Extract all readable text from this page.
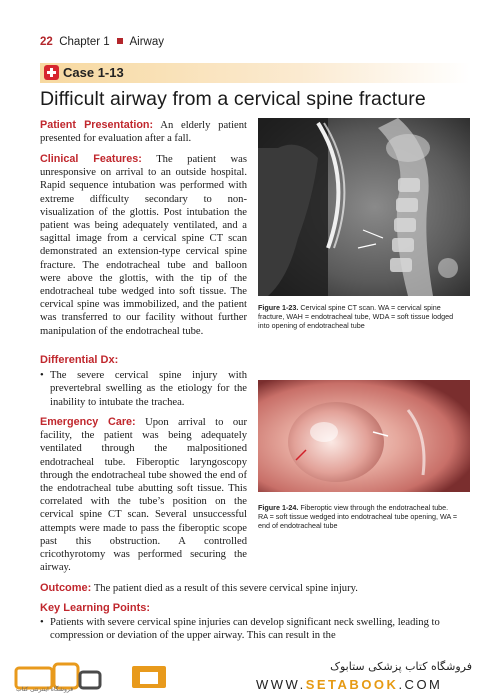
22 Chapter 1 Airway
Case 1-13
Difficult airway from a cervical spine fracture
Patient Presentation: An elderly patient presented for evaluation after a fall.
Clinical Features: The patient was unresponsive on arrival to an outside hospital. Rapid sequence intubation was performed with extreme difficulty secondary to non-visualization of the glottis. Post intubation the patient was being adequately ventilated, and a sagittal image from a cervical spine CT scan demonstrated an extension-type cervical spine fracture. The endotracheal tube and balloon were above the glottis, with the tip of the endotracheal tube wedged into soft tissue. The cervical spine was immobilized, and the patient was transferred to our facility without further manipulation of the endotracheal tube.
Differential Dx:
• The severe cervical spine injury with prevertebral swelling as the etiology for the inability to intubate the trachea.
Emergency Care: Upon arrival to our facility, the patient was being adequately ventilated through the malpositioned endotracheal tube. Fiberoptic laryngoscopy through the endotracheal tube showed the end of the endotracheal tube abutting soft tissue. This correlated with the tube’s position on the cervical spine CT scan. Several unsuccessful attempts were made to pass the fiberoptic scope past this obstruction. A controlled cricothyrotomy was performed securing the airway.
Figure 1-23. Cervical spine CT scan. WA = cervical spine fracture, WAH = endotracheal tube, WDA = soft tissue lodged into opening of endotracheal tube
Figure 1-24. Fiberoptic view through the endotracheal tube. RA = soft tissue wedged into endotracheal tube opening, WA = end of endotracheal tube
Outcome: The patient died as a result of this severe cervical spine injury.
Key Learning Points:
• Patients with severe cervical spine injuries can develop significant neck swelling, leading to compression or deviation of the upper airway. This can result in the
فروشگاه اینترنتی کتاب
فروشگاه کتاب پزشکی ستابوک
WWW.SETABOOK.COM
